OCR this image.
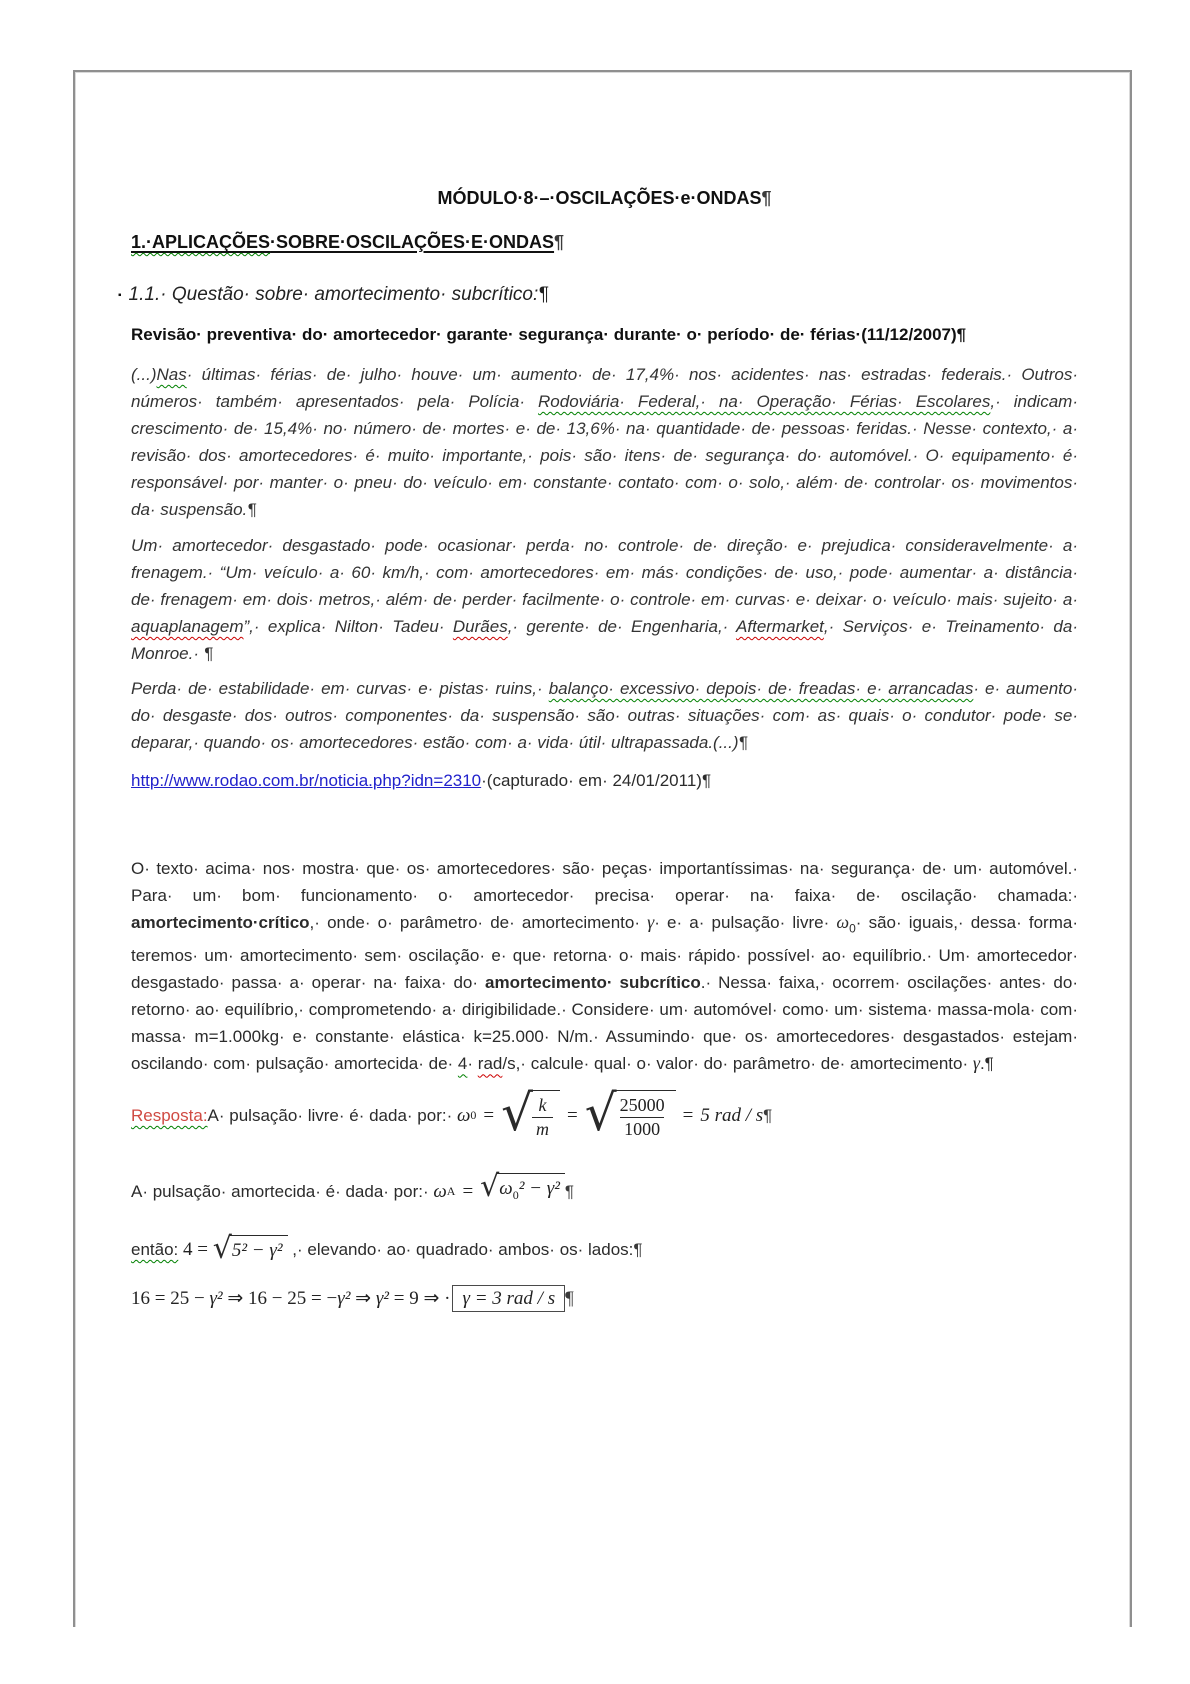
MÓDULO·8·–·OSCILAÇÕES·e·ONDAS¶

1.·APLICAÇÕES·SOBRE·OSCILAÇÕES·E·ONDAS¶

▪ 1.1.· Questão· sobre· amortecimento· subcrítico:¶

Revisão· preventiva· do· amortecedor· garante· segurança· durante· o· período· de· férias·(11/12/2007)¶

(...)Nas· últimas· férias· de· julho· houve· um· aumento· de· 17,4%· nos· acidentes· nas· estradas· federais.· Outros· números· também· apresentados· pela· Polícia· Rodoviária· Federal,· na· Operação· Férias· Escolares,· indicam· crescimento· de· 15,4%· no· número· de· mortes· e· de· 13,6%· na· quantidade· de· pessoas· feridas.· Nesse· contexto,· a· revisão· dos· amortecedores· é· muito· importante,· pois· são· itens· de· segurança· do· automóvel.· O· equipamento· é· responsável· por· manter· o· pneu· do· veículo· em· constante· contato· com· o· solo,· além· de· controlar· os· movimentos· da· suspensão.¶

Um· amortecedor· desgastado· pode· ocasionar· perda· no· controle· de· direção· e· prejudica· consideravelmente· a· frenagem.· “Um· veículo· a· 60· km/h,· com· amortecedores· em· más· condições· de· uso,· pode· aumentar· a· distância· de· frenagem· em· dois· metros,· além· de· perder· facilmente· o· controle· em· curvas· e· deixar· o· veículo· mais· sujeito· a· aquaplanagem”,· explica· Nilton· Tadeu· Durães,· gerente· de· Engenharia,· Aftermarket,· Serviços· e· Treinamento· da· Monroe.· ¶

Perda· de· estabilidade· em· curvas· e· pistas· ruins,· balanço· excessivo· depois· de· freadas· e· arrancadas· e· aumento· do· desgaste· dos· outros· componentes· da· suspensão· são· outras· situações· com· as· quais· o· condutor· pode· se· deparar,· quando· os· amortecedores· estão· com· a· vida· útil· ultrapassada.(...)¶

http://www.rodao.com.br/noticia.php?idn=2310·(capturado· em· 24/01/2011)¶

O· texto· acima· nos· mostra· que· os· amortecedores· são· peças· importantíssimas· na· segurança· de· um· automóvel.· Para· um· bom· funcionamento· o· amortecedor· precisa· operar· na· faixa· de· oscilação· chamada:· amortecimento·crítico,· onde· o· parâmetro· de· amortecimento· γ· e· a· pulsação· livre· $\omega_0\cdot$ são· iguais,· dessa· forma· teremos· um· amortecimento· sem· oscilação· e· que· retorna· o· mais· rápido· possível· ao· equilíbrio.· Um· amortecedor· desgastado· passa· a· operar· na· faixa· do· amortecimento· subcrítico.· Nessa· faixa,· ocorrem· oscilações· antes· do· retorno· ao· equilíbrio,· comprometendo· a· dirigibilidade.· Considere· um· automóvel· como· um· sistema· massa-mola· com· massa· m=1.000kg· e· constante· elástica· k=25.000· N/m.· Assumindo· que· os· amortecedores· desgastados· estejam· oscilando· com· pulsação· amortecida· de· 4· rad/s,· calcule· qual· o· valor· do· parâmetro· de· amortecimento· γ.¶

Resposta: A· pulsação· livre· é· dada· por:· ω 0 = √ $\frac{k}{m}$ = √ $\frac{25000}{1000} = 5$ rad / s ¶

A· pulsação· amortecida· é· dada· por:· ω A = √ $\omega_0^2 - \gamma^2$ ¶

então:
4 = √ 5² − γ² ,· elevando· ao· quadrado· ambos· os· lados: ¶

16 = 25 − γ² ⇒ 16 − 25 = −γ² ⇒ γ² = 9 ⇒ · γ = 3 rad / s ¶
